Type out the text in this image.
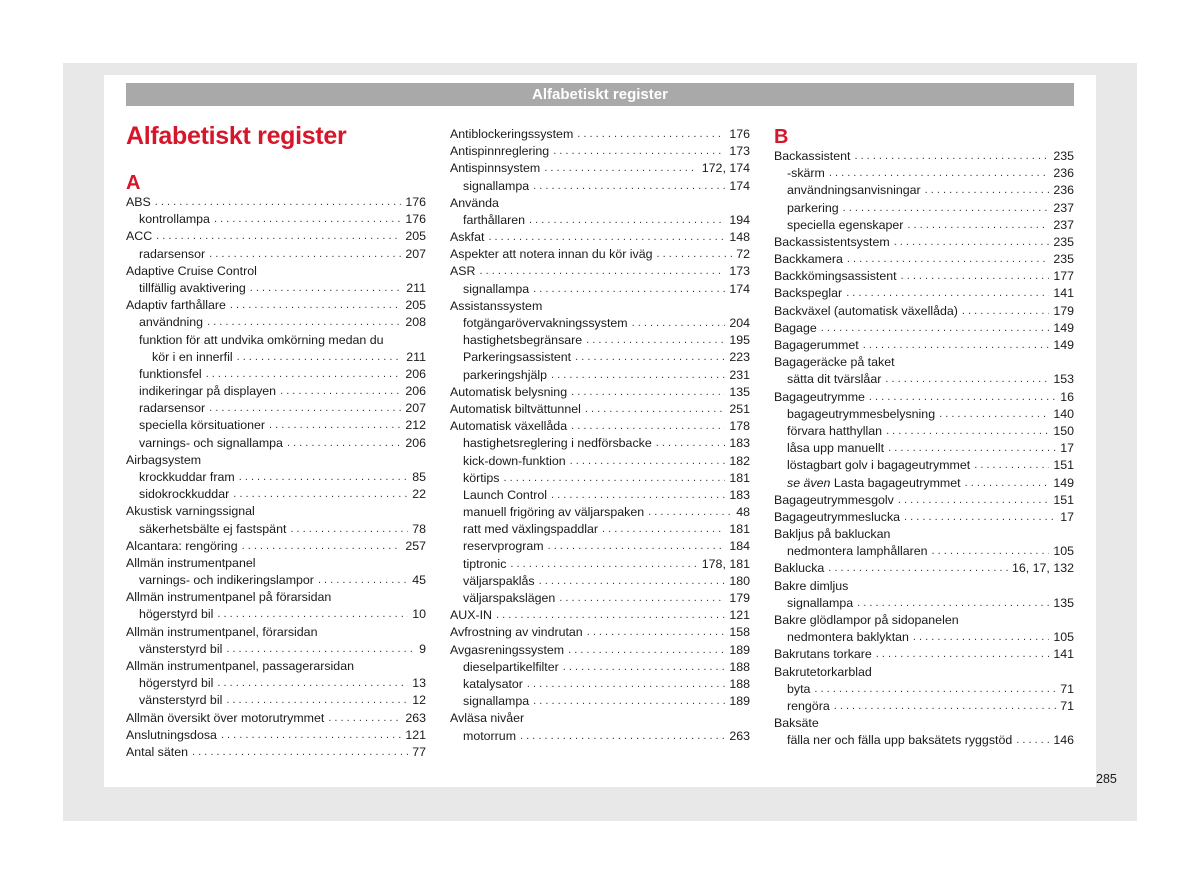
Alfabetiskt register
Alfabetiskt register
A
ABS . . .	176
kontrollampa . . .	176
ACC . . .	205
radarsensor . . .	207
Adaptive Cruise Control
tillfällig avaktivering . . .	211
Adaptiv farthållare . . .	205
användning . . .	208
funktion för att undvika omkörning medan du
kör i en innerfil . . .	211
funktionsfel . . .	206
indikeringar på displayen . . .	206
radarsensor . . .	207
speciella körsituationer . . .	212
varnings- och signallampa . . .	206
Airbagsystem
krockkuddar fram . . .	85
sidokrockkuddar . . .	22
Akustisk varningssignal
säkerhetsbälte ej fastspänt . . .	78
Alcantara: rengöring . . .	257
Allmän instrumentpanel
varnings- och indikeringslampor . . .	45
Allmän instrumentpanel på förarsidan
högerstyrd bil . . .	10
Allmän instrumentpanel, förarsidan
vänsterstyrd bil . . .	9
Allmän instrumentpanel, passagerarsidan
högerstyrd bil . . .	13
vänsterstyrd bil . . .	12
Allmän översikt över motorutrymmet . . .	263
Anslutningsdosa . . .	121
Antal säten . . .	77
Antiblockeringssystem . . .	176
Antispinnreglering . . .	173
Antispinnsystem . . .	172, 174
signallampa . . .	174
Använda
farthållaren . . .	194
Askfat . . .	148
Aspekter att notera innan du kör iväg . . .	72
ASR . . .	173
signallampa . . .	174
Assistanssystem
fotgängarövervakningssystem . . .	204
hastighetsbegränsare . . .	195
Parkeringsassistent . . .	223
parkeringshjälp . . .	231
Automatisk belysning . . .	135
Automatisk biltvättunnel . . .	251
Automatisk växellåda . . .	178
hastighetsreglering i nedförsbacke . . .	183
kick-down-funktion . . .	182
körtips . . .	181
Launch Control . . .	183
manuell frigöring av väljarspaken . . .	48
ratt med växlingspaddlar . . .	181
reservprogram . . .	184
tiptronic . . .	178, 181
väljarspaklås . . .	180
väljarspakslägen . . .	179
AUX-IN . . .	121
Avfrostning av vindrutan . . .	158
Avgasreningssystem . . .	189
dieselpartikelfilter . . .	188
katalysator . . .	188
signallampa . . .	189
Avläsa nivåer
motorrum . . .	263
B
Backassistent . . .	235
-skärm . . .	236
användningsanvisningar . . .	236
parkering . . .	237
speciella egenskaper . . .	237
Backassistentsystem . . .	235
Backkamera . . .	235
Backkömingsassistent . . .	177
Backspeglar . . .	141
Backväxel (automatisk växellåda) . . .	179
Bagage . . .	149
Bagagerummet . . .	149
Bagageräcke på taket
sätta dit tvärslåar . . .	153
Bagageutrymme . . .	16
bagageutrymmesbelysning . . .	140
förvara hatthyllan . . .	150
låsa upp manuellt . . .	17
löstagbart golv i bagageutrymmet . . .	151
se även Lasta bagageutrymmet . . .	149
Bagageutrymmesgolv . . .	151
Bagageutrymmeslucka . . .	17
Bakljus på bakluckan
nedmontera lamphållaren . . .	105
Baklucka . . .	16, 17, 132
Bakre dimljus
signallampa . . .	135
Bakre glödlampor på sidopanelen
nedmontera baklyktan . . .	105
Bakrutans torkare . . .	141
Bakrutetorkarblad
byta . . .	71
rengöra . . .	71
Baksäte
fälla ner och fälla upp baksätets ryggstöd . . .	146
285
